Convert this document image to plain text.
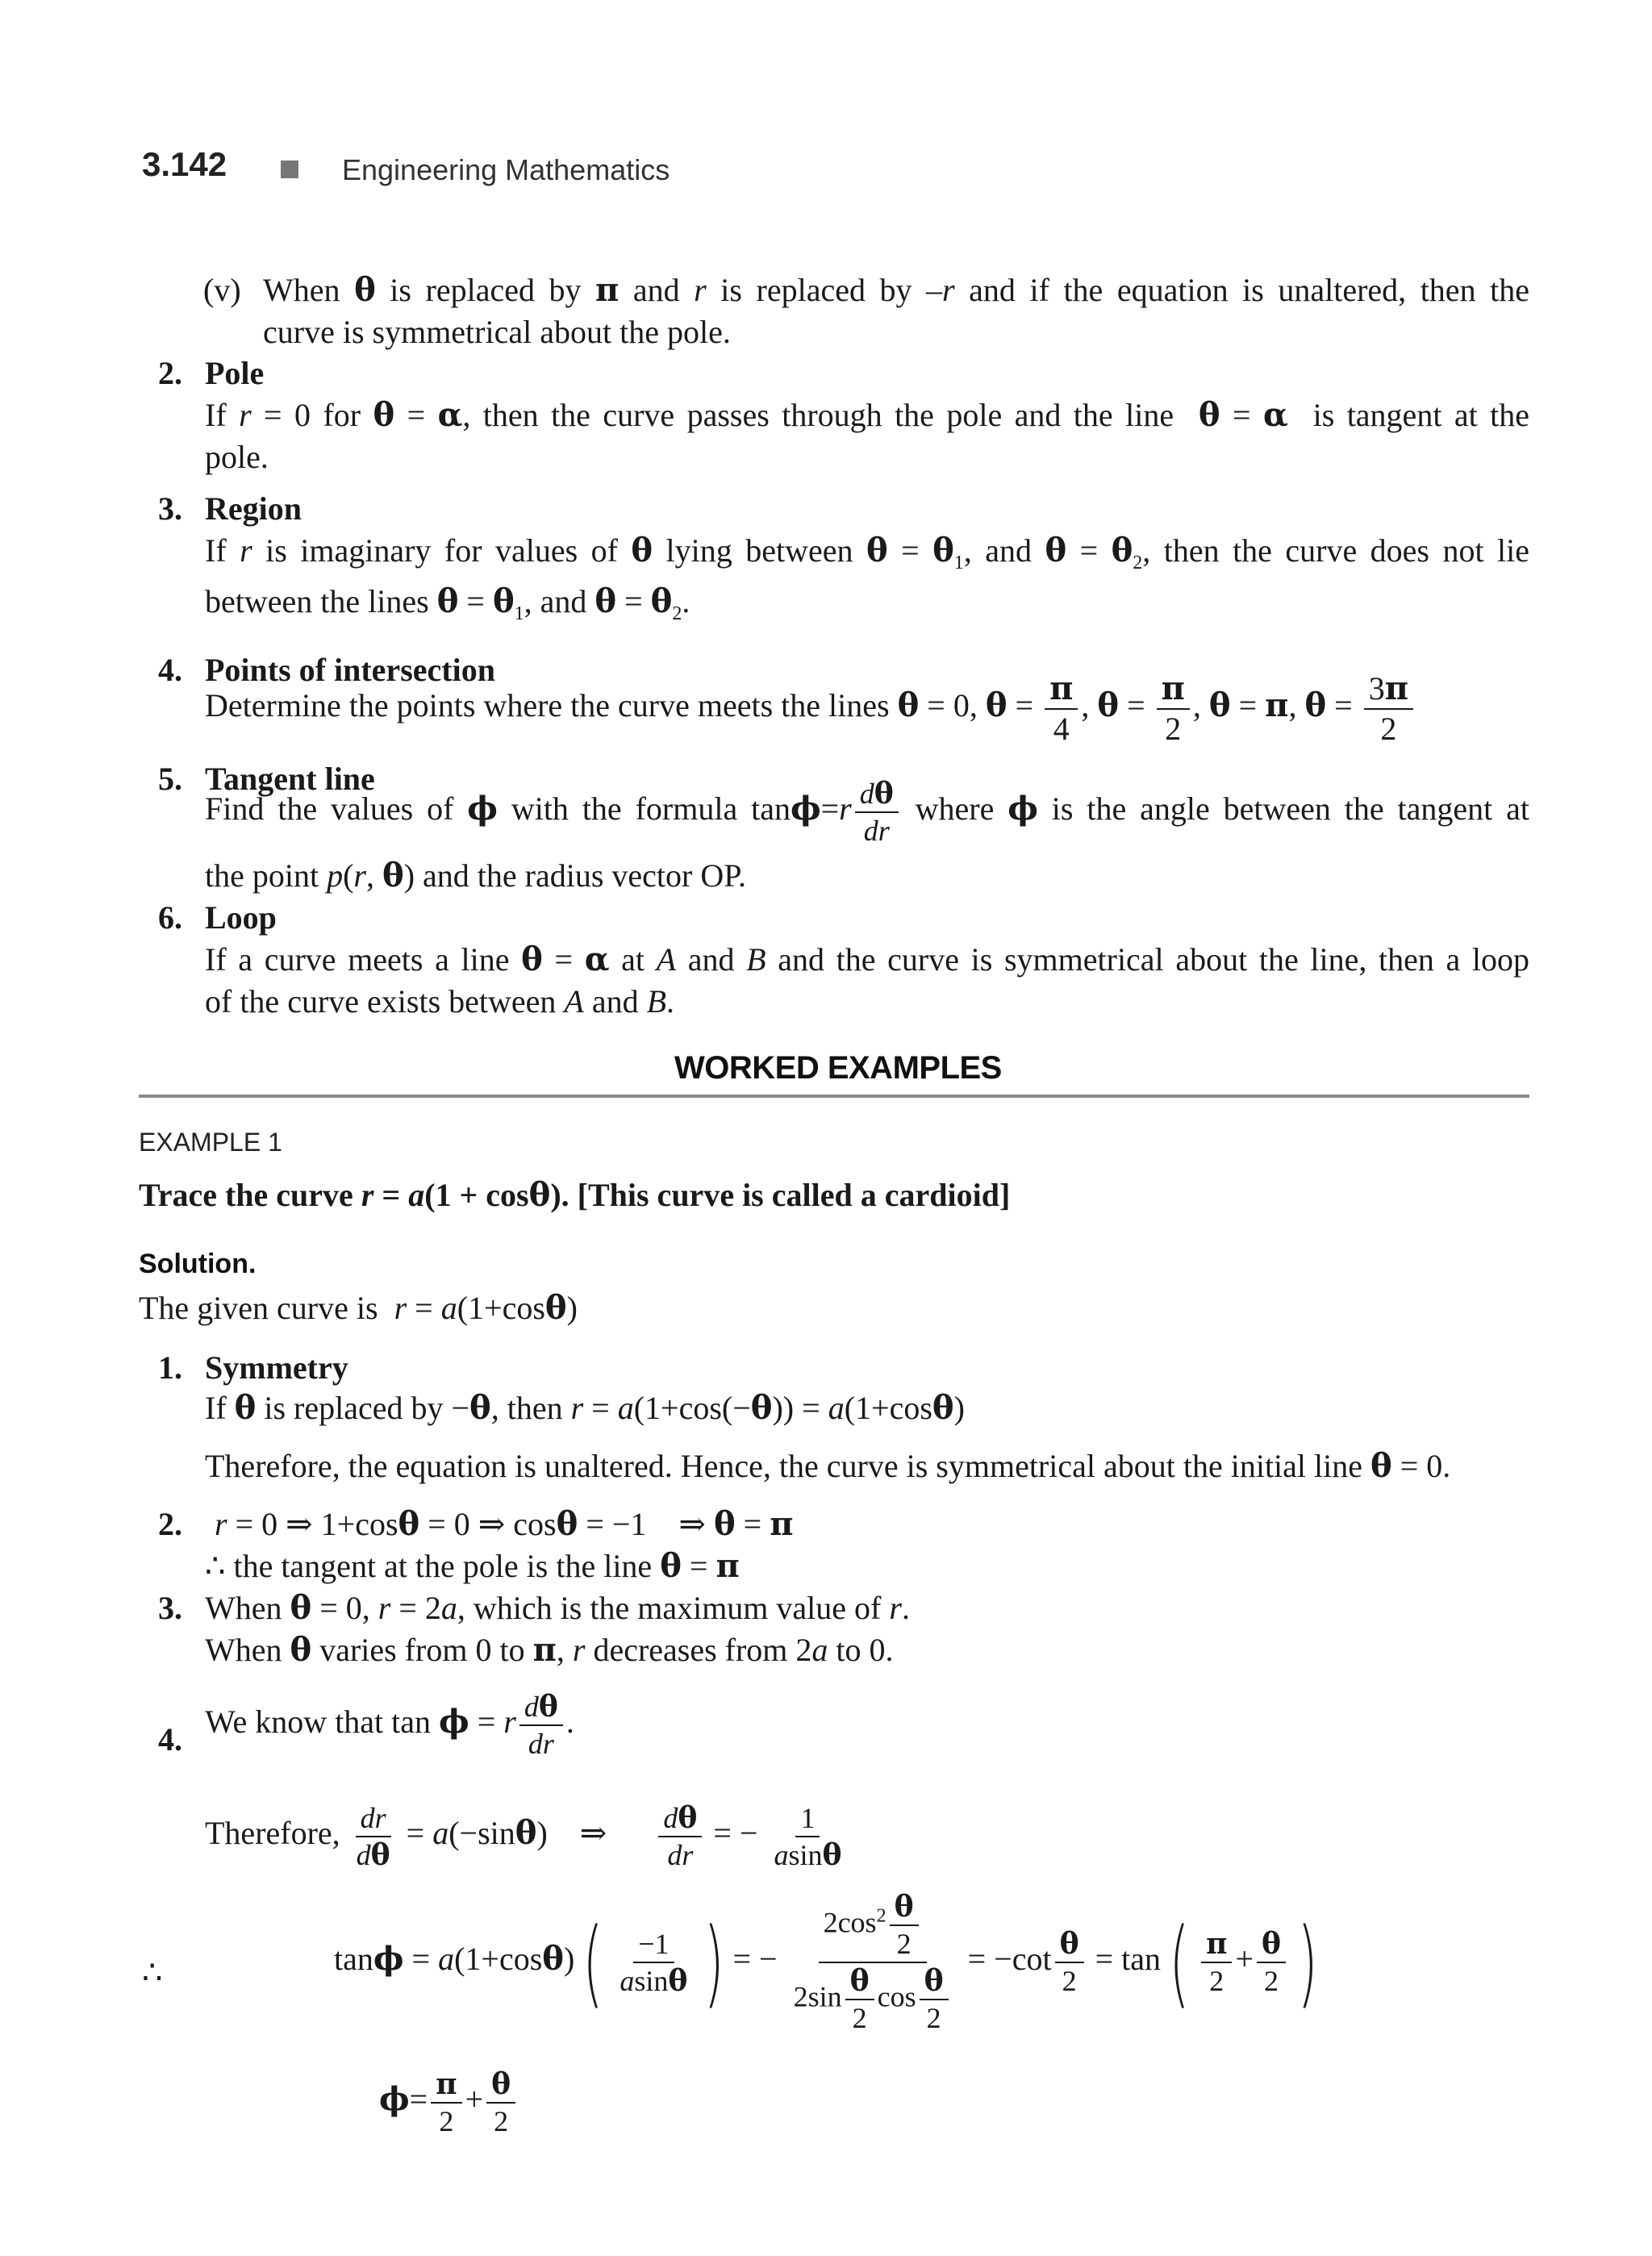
3.142	Engineering Mathematics
(v) When θ is replaced by π and r is replaced by –r and if the equation is unaltered, then the
curve is symmetrical about the pole.
2. Pole
If r = 0 for θ = α, then the curve passes through the pole and the line  θ = α  is tangent at the
pole.
3. Region
If r is imaginary for values of θ lying between $\theta = \theta_1$, and $\theta = \theta_2$, then the curve does not lie
between the lines $\theta = \theta_1$, and $\theta = \theta_2$.
4. Points of intersection
Determine the points where the curve meets the lines θ = 0, $\theta = \frac{\pi}{4}$ , $\theta = \frac{\pi}{2}$ , θ = π, $\theta = \frac{3\pi}{2}$
5. Tangent line
Find the values of ϕ with the formula $\tan\phi=r \frac{d\theta}{dr}$ where ϕ is the angle between the tangent at
the point p(r, θ) and the radius vector OP.
6. Loop
If a curve meets a line θ = α at A and B and the curve is symmetrical about the line, then a loop
of the curve exists between A and B.
WORKED EXAMPLES
EXAMPLE 1
Trace the curve r = a(1 + cosθ). [This curve is called a cardioid]
Solution.
The given curve is  r = a(1+cosθ)
1. Symmetry
If θ is replaced by −θ, then r = a(1+cos(−θ)) = a(1+cosθ)
Therefore, the equation is unaltered. Hence, the curve is symmetrical about the initial line θ = 0.
2. r = 0 ⇒ 1+cosθ = 0 ⇒ cosθ = −1    ⇒ θ = π
∴ the tangent at the pole is the line θ = π
3. When θ = 0, r = 2a, which is the maximum value of r.
When θ varies from 0 to π, r decreases from 2a to 0.
4. We know that tan ϕ = r $\frac{d\theta}{dr}$ .
Therefore, $\frac{dr}{d\theta} = a(-\sin\theta)$    ⇒ $\frac{d\theta}{dr}$ = − $\frac{1}{asin\theta}$
∴	$\tan\phi = a(1+\cos\theta)( \frac{-1}{asin\theta}$ ) = − $\frac{2\cos^2 \frac{\theta}{2}}{2\sin \frac{\theta}{2} \cos \frac{\theta}{2}} = -\cot \frac{\theta}{2} = \tan( \frac{\pi}{2} + \frac{\theta}{2}$ )
$\phi= \frac{\pi}{2} + \frac{\theta}{2}$
